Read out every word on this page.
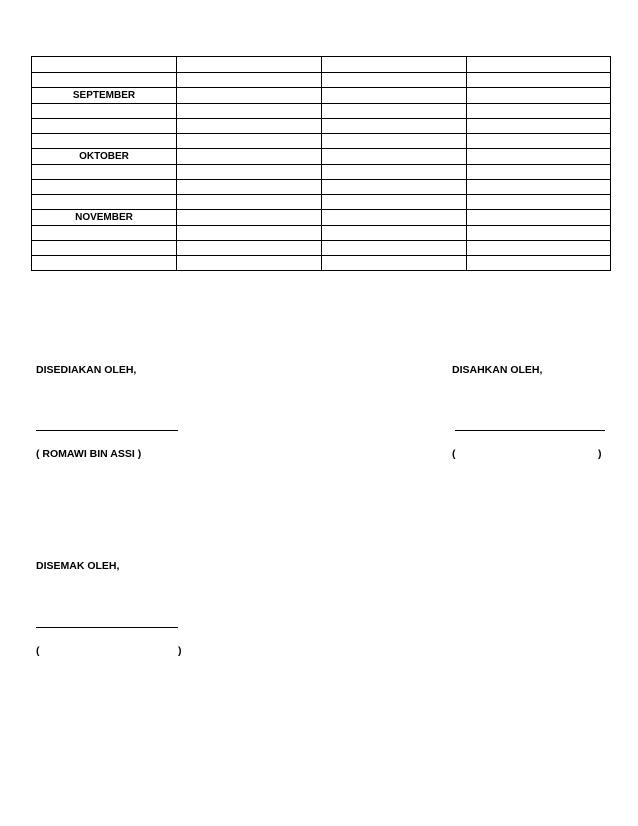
SEPTEMBER			

OKTOBER			

NOVEMBER			

DISEDIAKAN OLEH,	DISAHKAN OLEH,
( ROMAWI BIN ASSI )	(	)
DISEMAK OLEH,
(	)
